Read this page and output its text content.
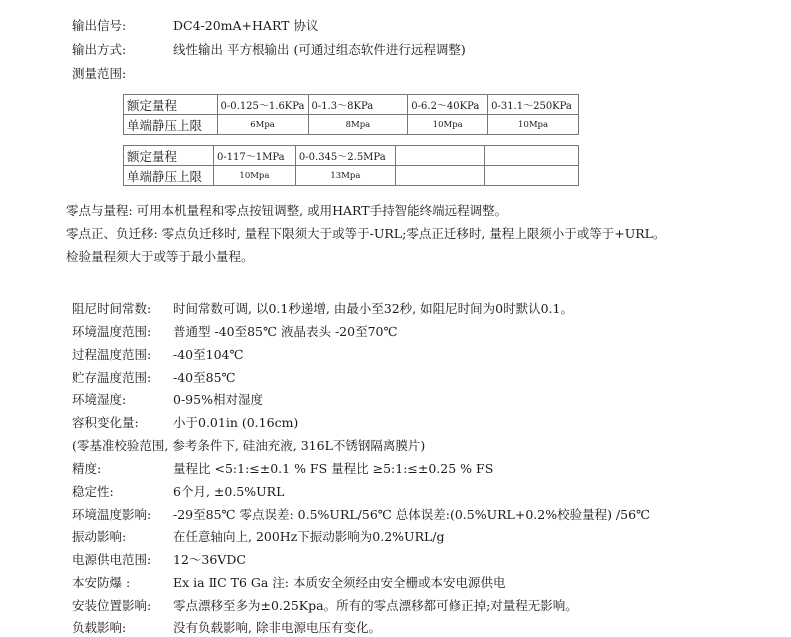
输出信号:	DC4-20mA+HART 协议
输出方式:	线性输出 平方根输出 (可通过组态软件进行远程调整)
测量范围:
额定量程	0-0.125～1.6KPa	0-1.3～8KPa	0-6.2～40KPa	0-31.1～250KPa
单端静压上限	6Mpa	8Mpa	10Mpa	10Mpa
额定量程	0-117～1MPa	0-0.345～2.5MPa		
单端静压上限	10Mpa	13Mpa		
零点与量程: 可用本机量程和零点按钮调整, 或用HART手持智能终端远程调整。
零点正、负迁移: 零点负迁移时, 量程下限须大于或等于-URL;零点正迁移时, 量程上限须小于或等于+URL。
检验量程须大于或等于最小量程。
阻尼时间常数: 时间常数可调, 以0.1秒递增, 由最小至32秒, 如阻尼时间为0时默认0.1。
环境温度范围: 普通型 -40至85℃ 液晶表头 -20至70℃
过程温度范围: -40至104℃
贮存温度范围: -40至85℃
环境湿度:	0-95%相对湿度
容积变化量:	小于0.01in (0.16cm)
(零基准校验范围, 参考条件下, 硅油充液, 316L不锈钢隔离膜片)
精度:	量程比 <5:1:≤±0.1 % FS 量程比 ≥5:1:≤±0.25 % FS
稳定性:	6个月, ±0.5%URL
环境温度影响: -29至85℃ 零点误差: 0.5%URL/56℃ 总体误差:(0.5%URL+0.2%校验量程) /56℃
振动影响:	在任意轴向上, 200Hz下振动影响为0.2%URL/g
电源供电范围: 12～36VDC
本安防爆 :	Ex ia ⅡC T6 Ga 注: 本质安全须经由安全栅或本安电源供电
安装位置影响: 零点漂移至多为±0.25Kpa。所有的零点漂移都可修正掉;对量程无影响。
负载影响:	没有负载影响, 除非电源电压有变化。
